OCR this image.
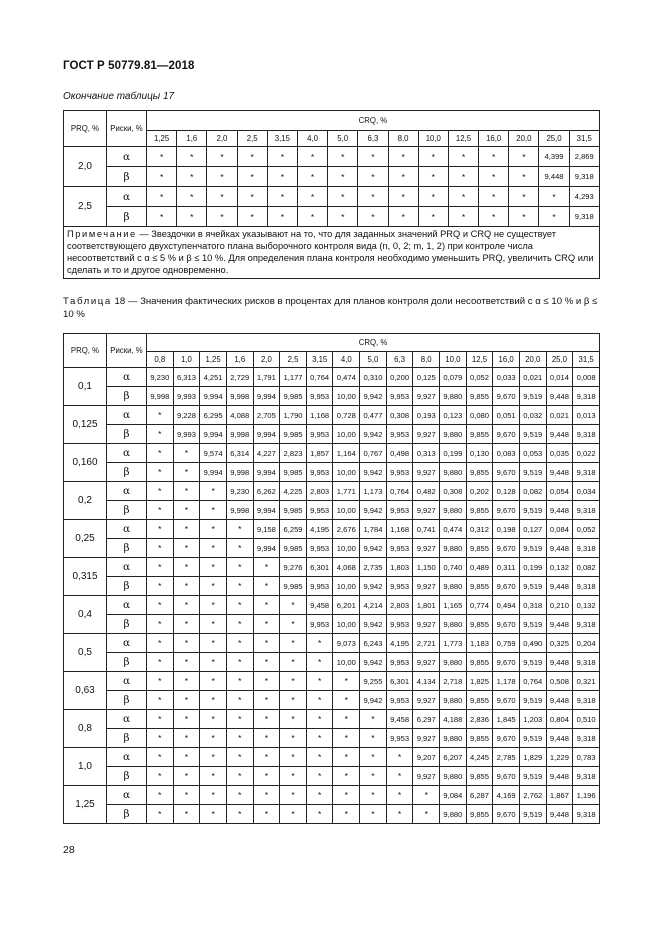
ГОСТ Р 50779.81—2018
Окончание таблицы 17
PRQ, %	Риски, %	CRQ, %														
		1,25	1,6	2,0	2,5	3,15	4,0	5,0	6,3	8,0	10,0	12,5	16,0	20,0	25,0	31,5
2,0	α	*	*	*	*	*	*	*	*	*	*	*	*	*	4,399	2,869
	β	*	*	*	*	*	*	*	*	*	*	*	*	*	9,448	9,318
2,5	α	*	*	*	*	*	*	*	*	*	*	*	*	*	*	4,293
	β	*	*	*	*	*	*	*	*	*	*	*	*	*	*	9,318
Примечание — Звездочки в ячейках указывают на то, что для заданных значений PRQ и CRQ не существует соответствующего двухступенчатого плана выборочного контроля вида (n, 0, 2; m, 1, 2) при контроле числа несоответствий с α ≤ 5 % и β ≤ 10 %. Для определения плана контроля необходимо уменьшить PRQ, увеличить CRQ или сделать и то и другое одновременно.																
Таблица 18 — Значения фактических рисков в процентах для планов контроля доли несоответствий с α ≤ 10 % и β ≤ 10 %
PRQ, %	Риски, %	CRQ, %																
		0,8	1,0	1,25	1,6	2,0	2,5	3,15	4,0	5,0	6,3	8,0	10,0	12,5	16,0	20,0	25,0	31,5
0,1	α	9,230	6,313	4,251	2,729	1,791	1,177	0,764	0,474	0,310	0,200	0,125	0,079	0,052	0,033	0,021	0,014	0,008
	β	9,998	9,993	9,994	9,998	9,994	9,985	9,953	10,00	9,942	9,953	9,927	9,880	9,855	9,670	9,519	9,448	9,318
0,125	α	*	9,228	6,295	4,088	2,705	1,790	1,168	0,728	0,477	0,308	0,193	0,123	0,080	0,051	0,032	0,021	0,013
	β	*	9,993	9,994	9,998	9,994	9,985	9,953	10,00	9,942	9,953	9,927	9,880	9,855	9,670	9,519	9,448	9,318
0,160	α	*	*	9,574	6,314	4,227	2,823	1,857	1,164	0,767	0,498	0,313	0,199	0,130	0,083	0,053	0,035	0,022
	β	*	*	9,994	9,998	9,994	9,985	9,953	10,00	9,942	9,953	9,927	9,880	9,855	9,670	9,519	9,448	9,318
0,2	α	*	*	*	9,230	6,262	4,225	2,803	1,771	1,173	0,764	0,482	0,308	0,202	0,128	0,082	0,054	0,034
	β	*	*	*	9,998	9,994	9,985	9,953	10,00	9,942	9,953	9,927	9,880	9,855	9,670	9,519	9,448	9,318
0,25	α	*	*	*	*	9,158	6,259	4,195	2,676	1,784	1,168	0,741	0,474	0,312	0,198	0,127	0,084	0,052
	β	*	*	*	*	9,994	9,985	9,953	10,00	9,942	9,953	9,927	9,880	9,855	9,670	9,519	9,448	9,318
0,315	α	*	*	*	*	*	9,276	6,301	4,068	2,735	1,803	1,150	0,740	0,489	0,311	0,199	0,132	0,082
	β	*	*	*	*	*	9,985	9,953	10,00	9,942	9,953	9,927	9,880	9,855	9,670	9,519	9,448	9,318
0,4	α	*	*	*	*	*	*	9,458	6,201	4,214	2,803	1,801	1,165	0,774	0,494	0,318	0,210	0,132
	β	*	*	*	*	*	*	9,953	10,00	9,942	9,953	9,927	9,880	9,855	9,670	9,519	9,448	9,318
0,5	α	*	*	*	*	*	*	*	9,073	6,243	4,195	2,721	1,773	1,183	0,759	0,490	0,325	0,204
	β	*	*	*	*	*	*	*	10,00	9,942	9,953	9,927	9,880	9,855	9,670	9,519	9,448	9,318
0,63	α	*	*	*	*	*	*	*	*	9,255	6,301	4,134	2,718	1,825	1,178	0,764	0,508	0,321
	β	*	*	*	*	*	*	*	*	9,942	9,953	9,927	9,880	9,855	9,670	9,519	9,448	9,318
0,8	α	*	*	*	*	*	*	*	*	*	9,458	6,297	4,188	2,836	1,845	1,203	0,804	0,510
	β	*	*	*	*	*	*	*	*	*	9,953	9,927	9,880	9,855	9,670	9,519	9,448	9,318
1,0	α	*	*	*	*	*	*	*	*	*	*	9,207	6,207	4,245	2,785	1,829	1,229	0,783
	β	*	*	*	*	*	*	*	*	*	*	9,927	9,880	9,855	9,670	9,519	9,448	9,318
1,25	α	*	*	*	*	*	*	*	*	*	*	*	9,084	6,287	4,169	2,762	1,867	1,196
	β	*	*	*	*	*	*	*	*	*	*	*	9,880	9,855	9,670	9,519	9,448	9,318
28
